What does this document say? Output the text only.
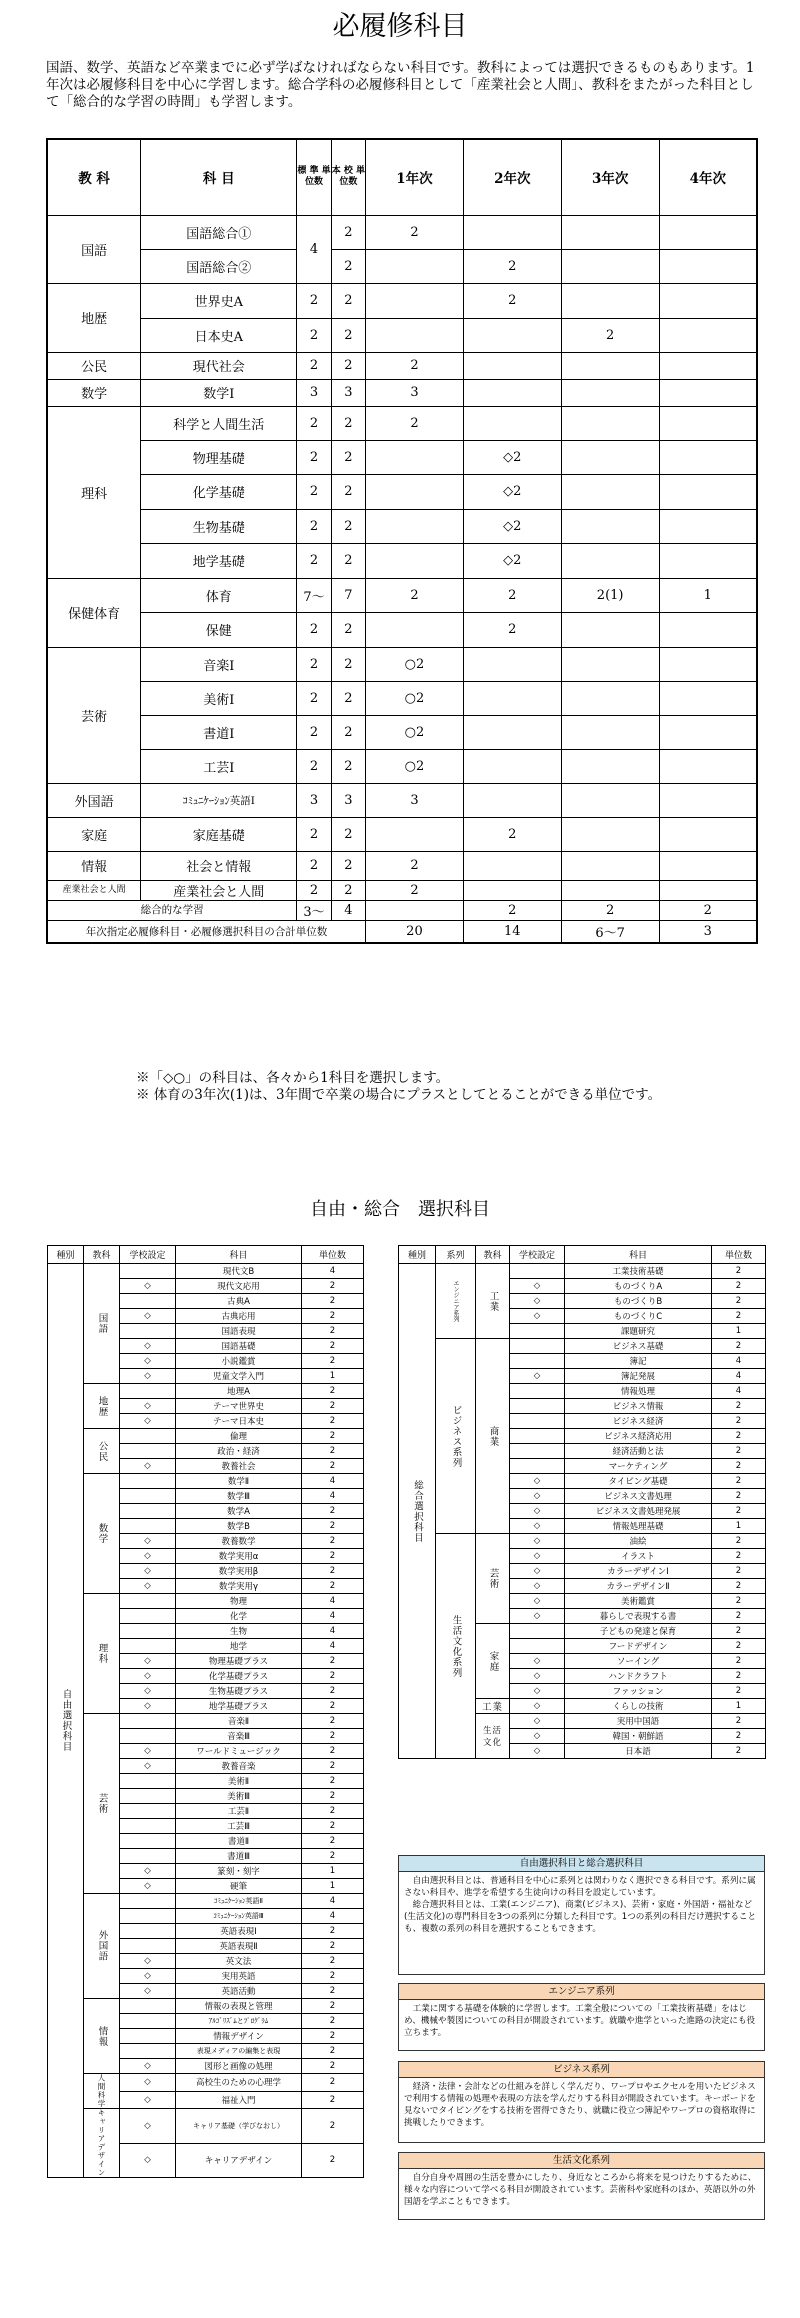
必履修科目
国語、数学、英語など卒業までに必ず学ばなければならない科目です。教科によっては選択できるものもあります。1年次は必履修科目を中心に学習します。総合学科の必履修科目として「産業社会と人間」、教科をまたがった科目として「総合的な学習の時間」も学習します。
教 科	科 目	標 準 単位数	本 校 単位数	1年次	2年次	3年次	4年次
国語	国語総合①	4	2	2			
	国語総合②		2		2		
地歴	世界史A	2	2		2		
	日本史A	2	2			2	
公民	現代社会	2	2	2			
数学	数学Ⅰ	3	3	3			
理科	科学と人間生活	2	2	2			
	物理基礎	2	2		◇2		
	化学基礎	2	2		◇2		
	生物基礎	2	2		◇2		
	地学基礎	2	2		◇2		
保健体育	体育	7〜	7	2	2	2(1)	1
	保健	2	2		2		
芸術	音楽Ⅰ	2	2	○2			
	美術Ⅰ	2	2	○2			
	書道Ⅰ	2	2	○2			
	工芸Ⅰ	2	2	○2			
外国語	ｺﾐｭﾆｹｰｼｮﾝ英語Ⅰ	3	3	3			
家庭	家庭基礎	2	2		2		
情報	社会と情報	2	2	2			
産業社会と人間	産業社会と人間	2	2	2			
総合的な学習		3〜	4		2	2	2
年次指定必履修科目・必履修選択科目の合計単位数				20	14	6〜7	3
※「◇○」の科目は、各々から1科目を選択します。
※ 体育の3年次(1)は、3年間で卒業の場合にプラスとしてとることができる単位です。
自由・総合　選択科目
種別	教科	学校設定	科目	単位数

自由選択科目	国語		現代文B	4
		◇	現代文応用	2
			古典A	2
		◇	古典応用	2
			国語表現	2
		◇	国語基礎	2
		◇	小説鑑賞	2
		◇	児童文学入門	1

	地歴		地理A	2
		◇	テーマ世界史	2
		◇	テーマ日本史	2

	公民		倫理	2
			政治・経済	2
		◇	教養社会	2

	数学		数学Ⅱ	4
			数学Ⅲ	4
			数学A	2
			数学B	2
		◇	教養数学	2
		◇	数学実用α	2
		◇	数学実用β	2
		◇	数学実用γ	2

	理科		物理	4
			化学	4
			生物	4
			地学	4
		◇	物理基礎プラス	2
		◇	化学基礎プラス	2
		◇	生物基礎プラス	2
		◇	地学基礎プラス	2

	芸術		音楽Ⅱ	2
			音楽Ⅲ	2
		◇	ワールドミュージック	2
		◇	教養音楽	2
			美術Ⅱ	2
			美術Ⅲ	2
			工芸Ⅱ	2
			工芸Ⅲ	2
			書道Ⅱ	2
			書道Ⅲ	2
		◇	篆刻・刻字	1
		◇	硬筆	1

	外国語		ｺﾐｭﾆｹｰｼｮﾝ英語Ⅱ	4
			ｺﾐｭﾆｹｰｼｮﾝ英語Ⅲ	4
			英語表現Ⅰ	2
			英語表現Ⅱ	2
		◇	英文法	2
		◇	実用英語	2
		◇	英語活動	2

	情報		情報の表現と管理	2
			ｱﾙｺﾞﾘｽﾞﾑとﾌﾟﾛｸﾞﾗﾑ	2
			情報デザイン	2
			表現メディアの編集と表現	2
		◇	図形と画像の処理	2

	人間科学	◇	高校生のための心理学	2
		◇	福祉入門	2

	キャリアデザイン	◇	キャリア基礎（学びなおし）	2
		◇	キャリアデザイン	2
種別	系列	教科	学校設定	科目	単位数

総合選択科目	エンジニア系列	工業		工業技術基礎	2
			◇	ものづくりA	2
			◇	ものづくりB	2
			◇	ものづくりC	2
				課題研究	1

	ビジネス系列	商業		ビジネス基礎	2
				簿記	4
			◇	簿記発展	4
				情報処理	4
				ビジネス情報	2
				ビジネス経済	2
				ビジネス経済応用	2
				経済活動と法	2
				マーケティング	2
			◇	タイピング基礎	2
			◇	ビジネス文書処理	2
			◇	ビジネス文書処理発展	2
			◇	情報処理基礎	1

	生活文化系列	芸術	◇	油絵	2
			◇	イラスト	2
			◇	カラーデザインⅠ	2
			◇	カラーデザインⅡ	2
			◇	美術鑑賞	2
			◇	暮らしで表現する書	2

		家庭		子どもの発達と保育	2
				フードデザイン	2
			◇	ソーイング	2
			◇	ハンドクラフト	2
			◇	ファッション	2

		工業	◇	くらしの技術	1

		生活文化	◇	実用中国語	2
			◇	韓国・朝鮮語	2
			◇	日本語	2
自由選択科目と総合選択科目

自由選択科目とは、普通科目を中心に系列とは関わりなく選択できる科目です。系列に属さない科目や、進学を希望する生徒向けの科目を設定しています。

総合選択科目とは、工業(エンジニア)、商業(ビジネス)、芸術・家庭・外国語・福祉など(生活文化)の専門科目を3つの系列に分類した科目です。1つの系列の科目だけ選択することも、複数の系列の科目を選択することもできます。

エンジニア系列

工業に関する基礎を体験的に学習します。工業全般についての「工業技術基礎」をはじめ、機械や製図についての科目が開設されています。就職や進学といった進路の決定にも役立ちます。

ビジネス系列

経済・法律・会計などの仕組みを詳しく学んだり、ワープロやエクセルを用いたビジネスで利用する情報の処理や表現の方法を学んだりする科目が開設されています。キーボードを見ないでタイピングをする技術を習得できたり、就職に役立つ簿記やワープロの資格取得に挑戦したりできます。

生活文化系列

自分自身や周囲の生活を豊かにしたり、身近なところから将来を見つけたりするために、様々な内容について学べる科目が開設されています。芸術科や家庭科のほか、英語以外の外国語を学ぶこともできます。
